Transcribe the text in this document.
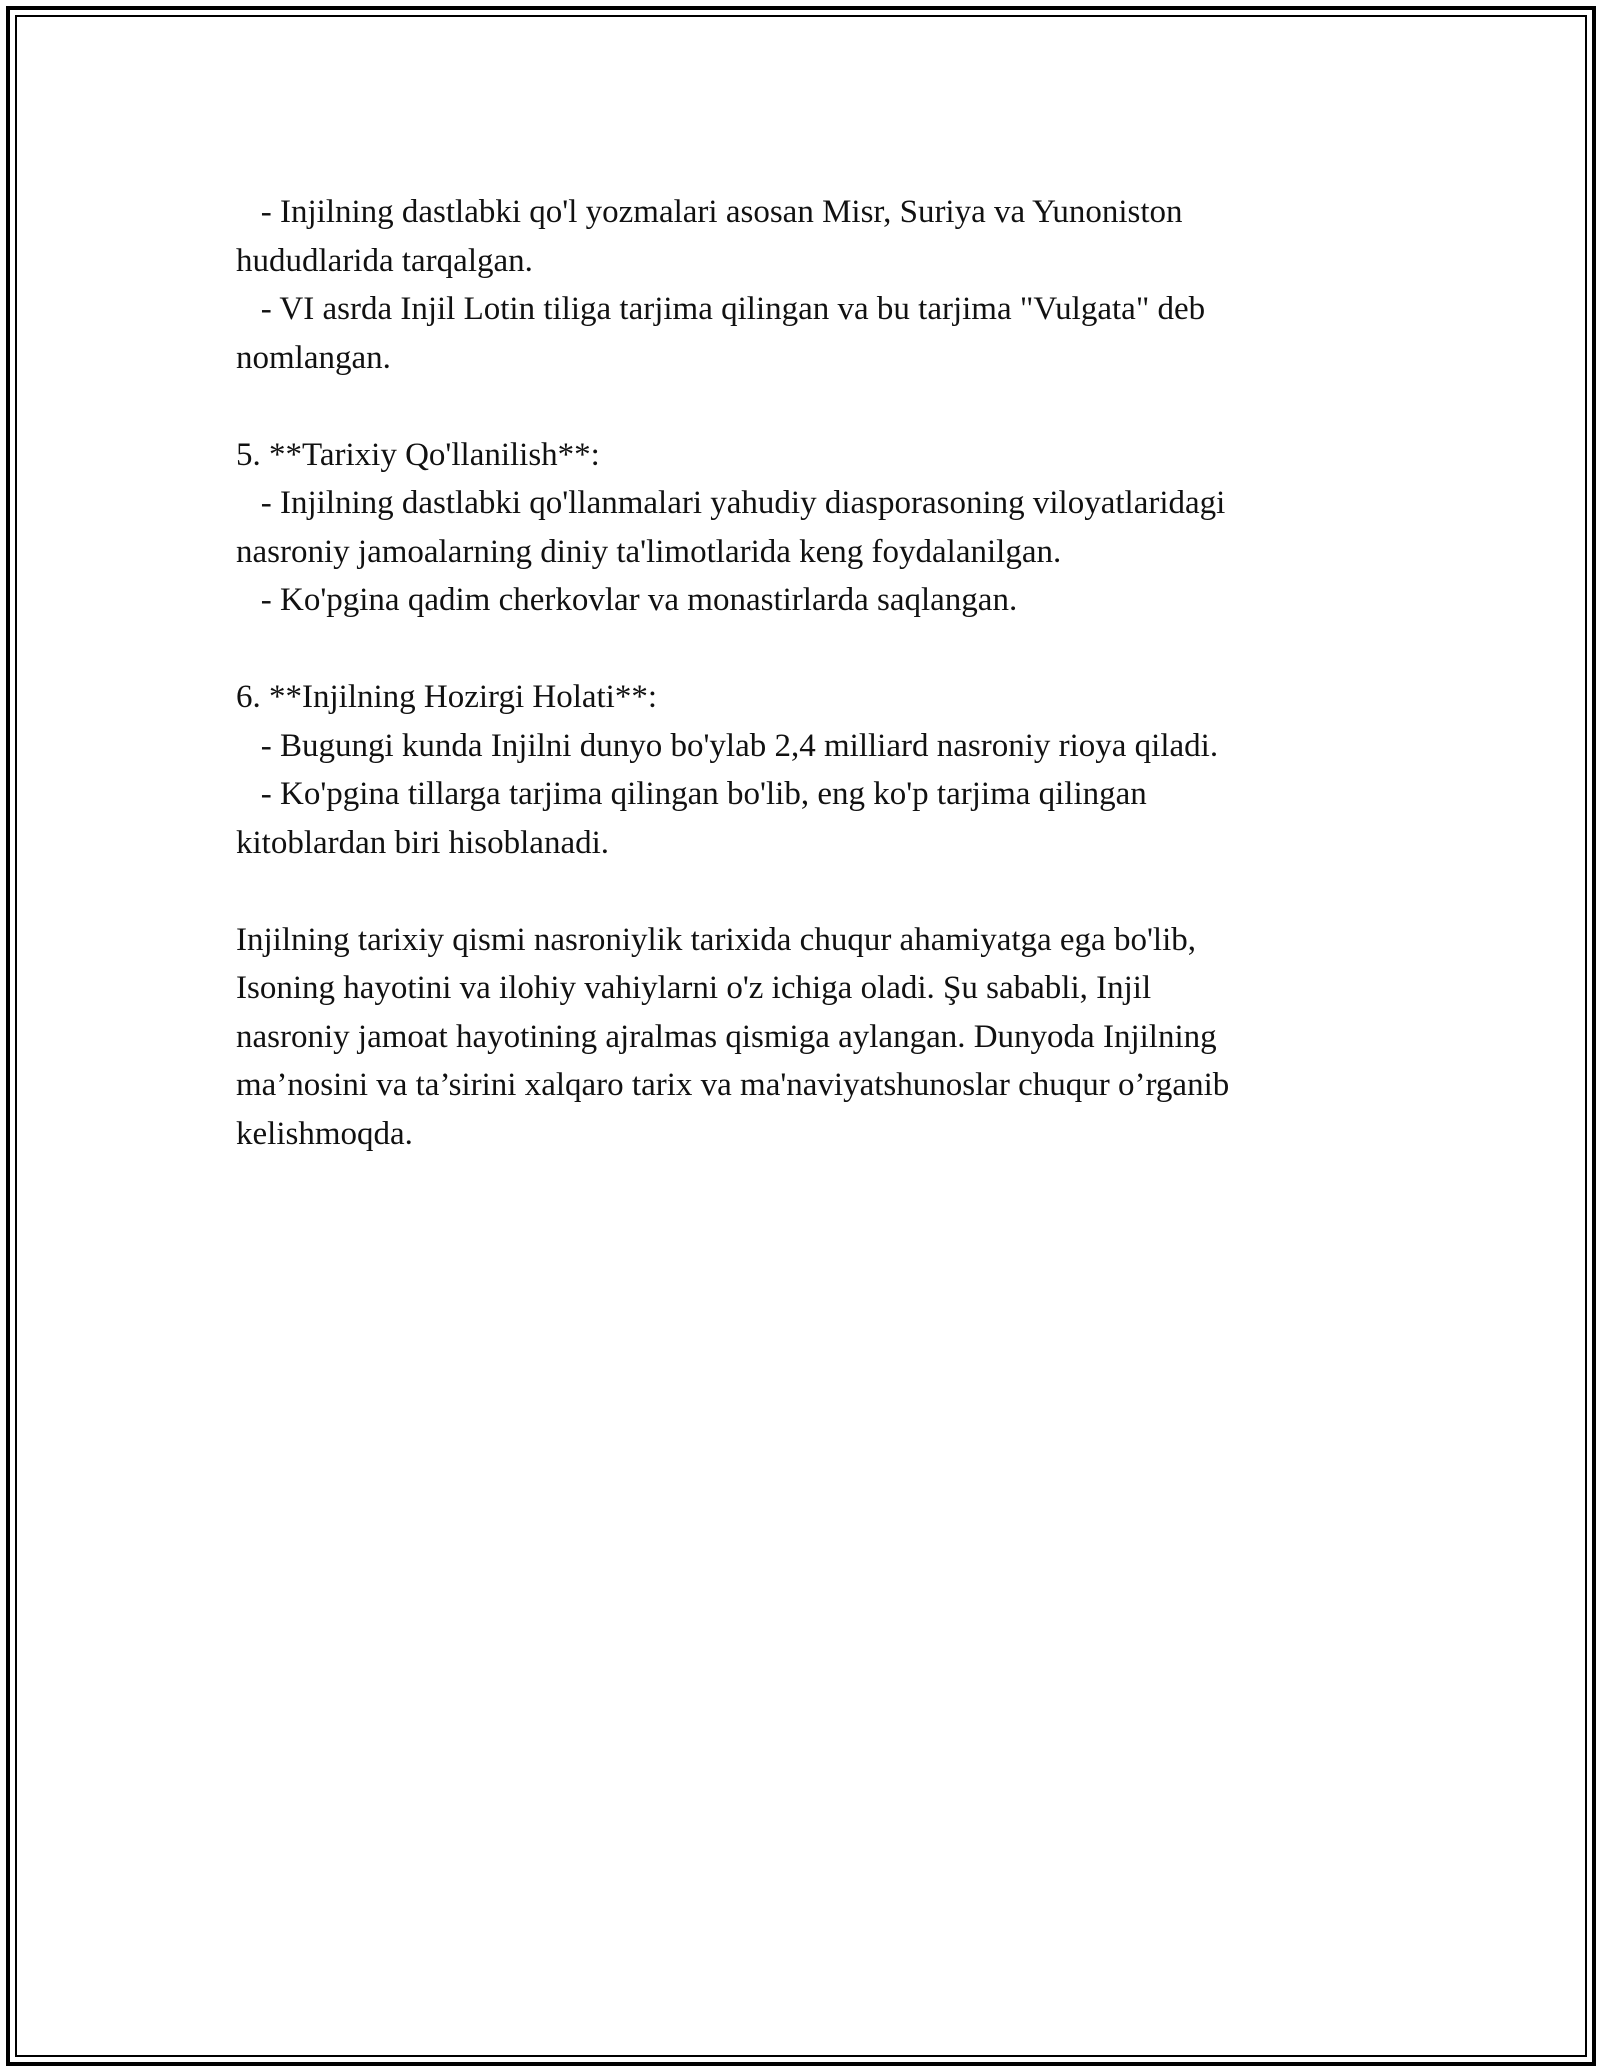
- Injilning dastlabki qo'l yozmalari asosan Misr, Suriya va Yunoniston

hududlarida tarqalgan.

- VI asrda Injil Lotin tiliga tarjima qilingan va bu tarjima "Vulgata" deb

nomlangan.

5. **Tarixiy Qo'llanilish**:

- Injilning dastlabki qo'llanmalari yahudiy diasporasoning viloyatlaridagi

nasroniy jamoalarning diniy ta'limotlarida keng foydalanilgan.

- Ko'pgina qadim cherkovlar va monastirlarda saqlangan.

6. **Injilning Hozirgi Holati**:

- Bugungi kunda Injilni dunyo bo'ylab 2,4 milliard nasroniy rioya qiladi.

- Ko'pgina tillarga tarjima qilingan bo'lib, eng ko'p tarjima qilingan

kitoblardan biri hisoblanadi.

Injilning tarixiy qismi nasroniylik tarixida chuqur ahamiyatga ega bo'lib,

Isoning hayotini va ilohiy vahiylarni o'z ichiga oladi. Şu sababli, Injil

nasroniy jamoat hayotining ajralmas qismiga aylangan. Dunyoda Injilning

ma’nosini va ta’sirini xalqaro tarix va ma'naviyatshunoslar chuqur o’rganib

kelishmoqda.
